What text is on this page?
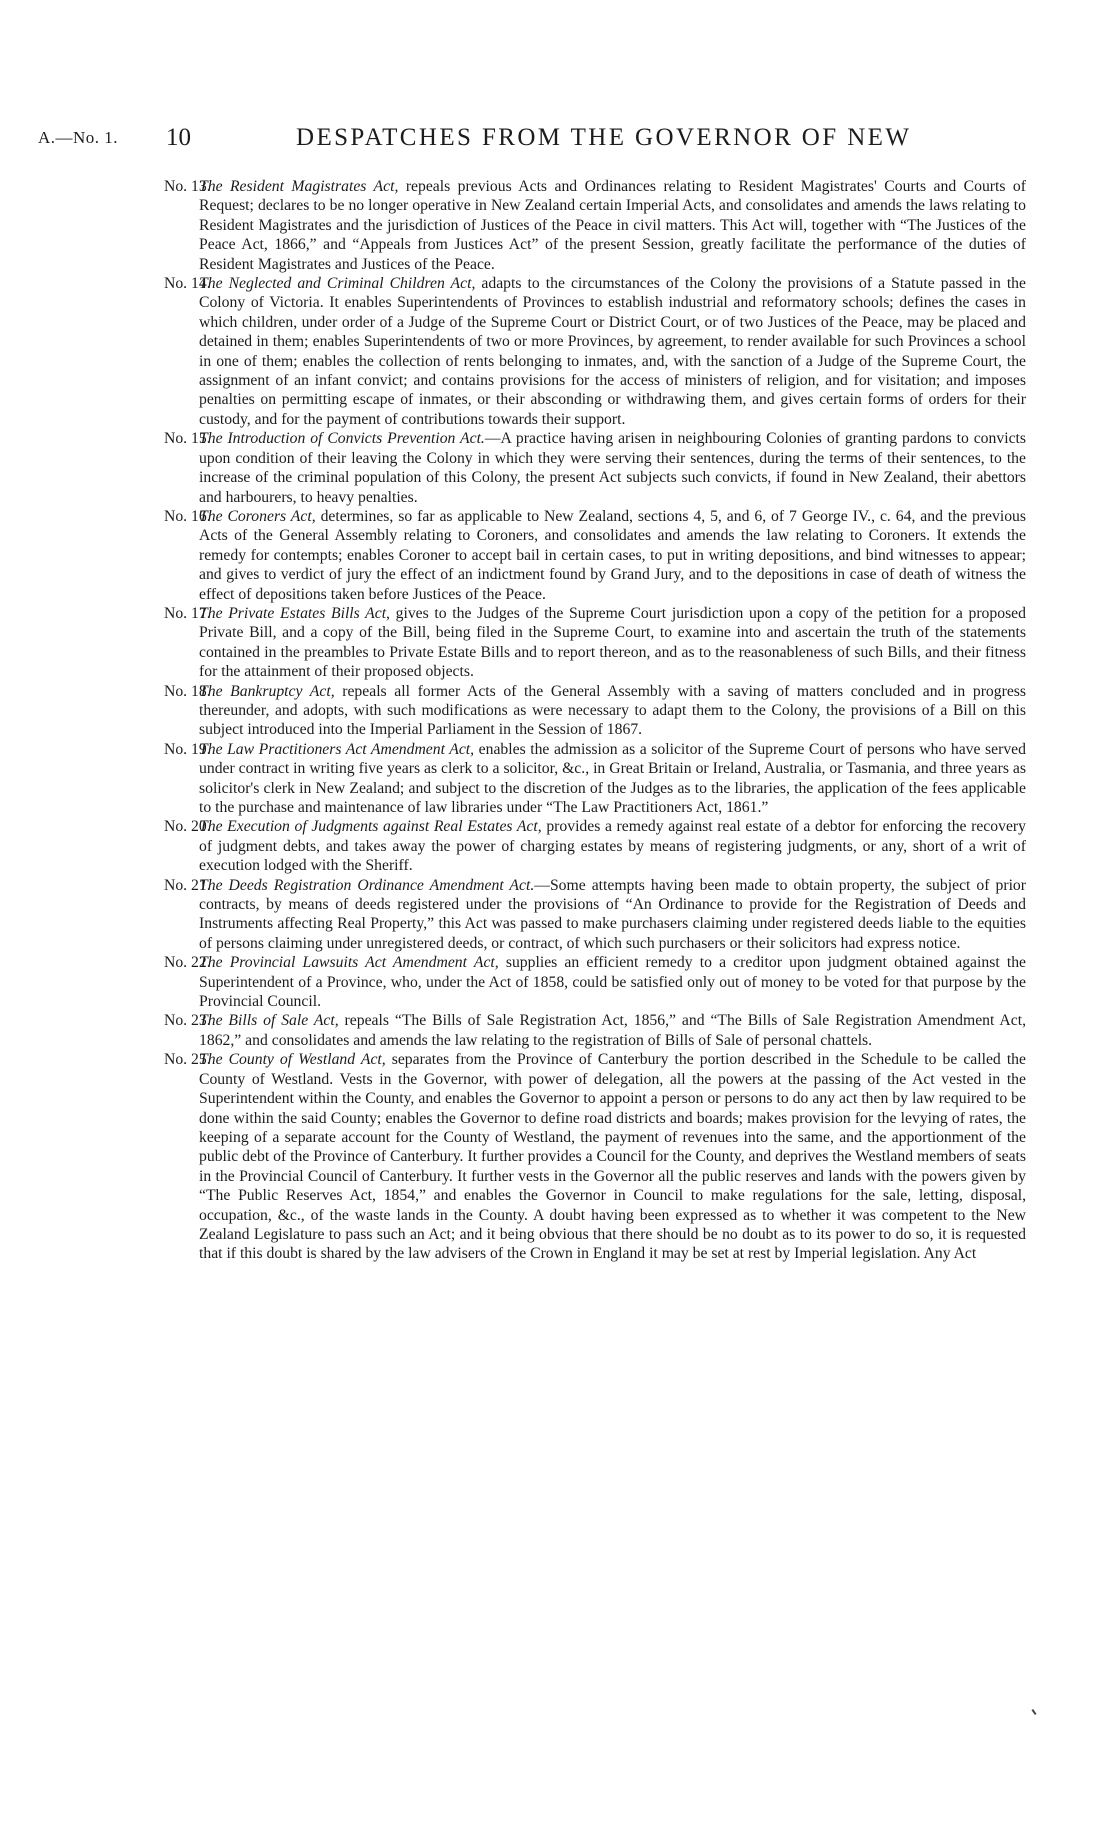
A.—No. 1. 10	DESPATCHES FROM THE GOVERNOR OF NEW

No. 13.
The Resident Magistrates Act, repeals previous Acts and Ordinances relating to Resident Magistrates' Courts and Courts of Request; declares to be no longer operative in New Zealand certain Imperial Acts, and consolidates and amends the laws relating to Resident Magistrates and the jurisdiction of Justices of the Peace in civil matters. This Act will, together with “The Justices of the Peace Act, 1866,” and “Appeals from Justices Act” of the present Session, greatly facilitate the performance of the duties of Resident Magistrates and Justices of the Peace.

No. 14.
The Neglected and Criminal Children Act, adapts to the circumstances of the Colony the provisions of a Statute passed in the Colony of Victoria. It enables Superintendents of Provinces to establish industrial and reformatory schools; defines the cases in which children, under order of a Judge of the Supreme Court or District Court, or of two Justices of the Peace, may be placed and detained in them; enables Superintendents of two or more Provinces, by agreement, to render available for such Provinces a school in one of them; enables the collection of rents belonging to inmates, and, with the sanction of a Judge of the Supreme Court, the assignment of an infant convict; and contains provisions for the access of ministers of religion, and for visitation; and imposes penalties on permitting escape of inmates, or their absconding or withdrawing them, and gives certain forms of orders for their custody, and for the payment of contributions towards their support.

No. 15.
The Introduction of Convicts Prevention Act.—A practice having arisen in neighbouring Colonies of granting pardons to convicts upon condition of their leaving the Colony in which they were serving their sentences, during the terms of their sentences, to the increase of the criminal population of this Colony, the present Act subjects such convicts, if found in New Zealand, their abettors and harbourers, to heavy penalties.

No. 16.
The Coroners Act, determines, so far as applicable to New Zealand, sections 4, 5, and 6, of 7 George IV., c. 64, and the previous Acts of the General Assembly relating to Coroners, and consolidates and amends the law relating to Coroners. It extends the remedy for contempts; enables Coroner to accept bail in certain cases, to put in writing depositions, and bind witnesses to appear; and gives to verdict of jury the effect of an indictment found by Grand Jury, and to the depositions in case of death of witness the effect of depositions taken before Justices of the Peace.

No. 17.
The Private Estates Bills Act, gives to the Judges of the Supreme Court jurisdiction upon a copy of the petition for a proposed Private Bill, and a copy of the Bill, being filed in the Supreme Court, to examine into and ascertain the truth of the statements contained in the preambles to Private Estate Bills and to report thereon, and as to the reasonableness of such Bills, and their fitness for the attainment of their proposed objects.

No. 18.
The Bankruptcy Act, repeals all former Acts of the General Assembly with a saving of matters concluded and in progress thereunder, and adopts, with such modifications as were necessary to adapt them to the Colony, the provisions of a Bill on this subject introduced into the Imperial Parliament in the Session of 1867.

No. 19.
The Law Practitioners Act Amendment Act, enables the admission as a solicitor of the Supreme Court of persons who have served under contract in writing five years as clerk to a solicitor, &c., in Great Britain or Ireland, Australia, or Tasmania, and three years as solicitor's clerk in New Zealand; and subject to the discretion of the Judges as to the libraries, the application of the fees applicable to the purchase and maintenance of law libraries under “The Law Practitioners Act, 1861.”

No. 20.
The Execution of Judgments against Real Estates Act, provides a remedy against real estate of a debtor for enforcing the recovery of judgment debts, and takes away the power of charging estates by means of registering judgments, or any, short of a writ of execution lodged with the Sheriff.

No. 21.
The Deeds Registration Ordinance Amendment Act.—Some attempts having been made to obtain property, the subject of prior contracts, by means of deeds registered under the provisions of “An Ordinance to provide for the Registration of Deeds and Instruments affecting Real Property,” this Act was passed to make purchasers claiming under registered deeds liable to the equities of persons claiming under unregistered deeds, or contract, of which such purchasers or their solicitors had express notice.

No. 22.
The Provincial Lawsuits Act Amendment Act, supplies an efficient remedy to a creditor upon judgment obtained against the Superintendent of a Province, who, under the Act of 1858, could be satisfied only out of money to be voted for that purpose by the Provincial Council.

No. 23.
The Bills of Sale Act, repeals “The Bills of Sale Registration Act, 1856,” and “The Bills of Sale Registration Amendment Act, 1862,” and consolidates and amends the law relating to the registration of Bills of Sale of personal chattels.

No. 25.
The County of Westland Act, separates from the Province of Canterbury the portion described in the Schedule to be called the County of Westland. Vests in the Governor, with power of delegation, all the powers at the passing of the Act vested in the Superintendent within the County, and enables the Governor to appoint a person or persons to do any act then by law required to be done within the said County; enables the Governor to define road districts and boards; makes provision for the levying of rates, the keeping of a separate account for the County of Westland, the payment of revenues into the same, and the apportionment of the public debt of the Province of Canterbury. It further provides a Council for the County, and deprives the Westland members of seats in the Provincial Council of Canterbury. It further vests in the Governor all the public reserves and lands with the powers given by “The Public Reserves Act, 1854,” and enables the Governor in Council to make regulations for the sale, letting, disposal, occupation, &c., of the waste lands in the County. A doubt having been expressed as to whether it was competent to the New Zealand Legislature to pass such an Act; and it being obvious that there should be no doubt as to its power to do so, it is requested that if this doubt is shared by the law advisers of the Crown in England it may be set at rest by Imperial legislation. Any Act
